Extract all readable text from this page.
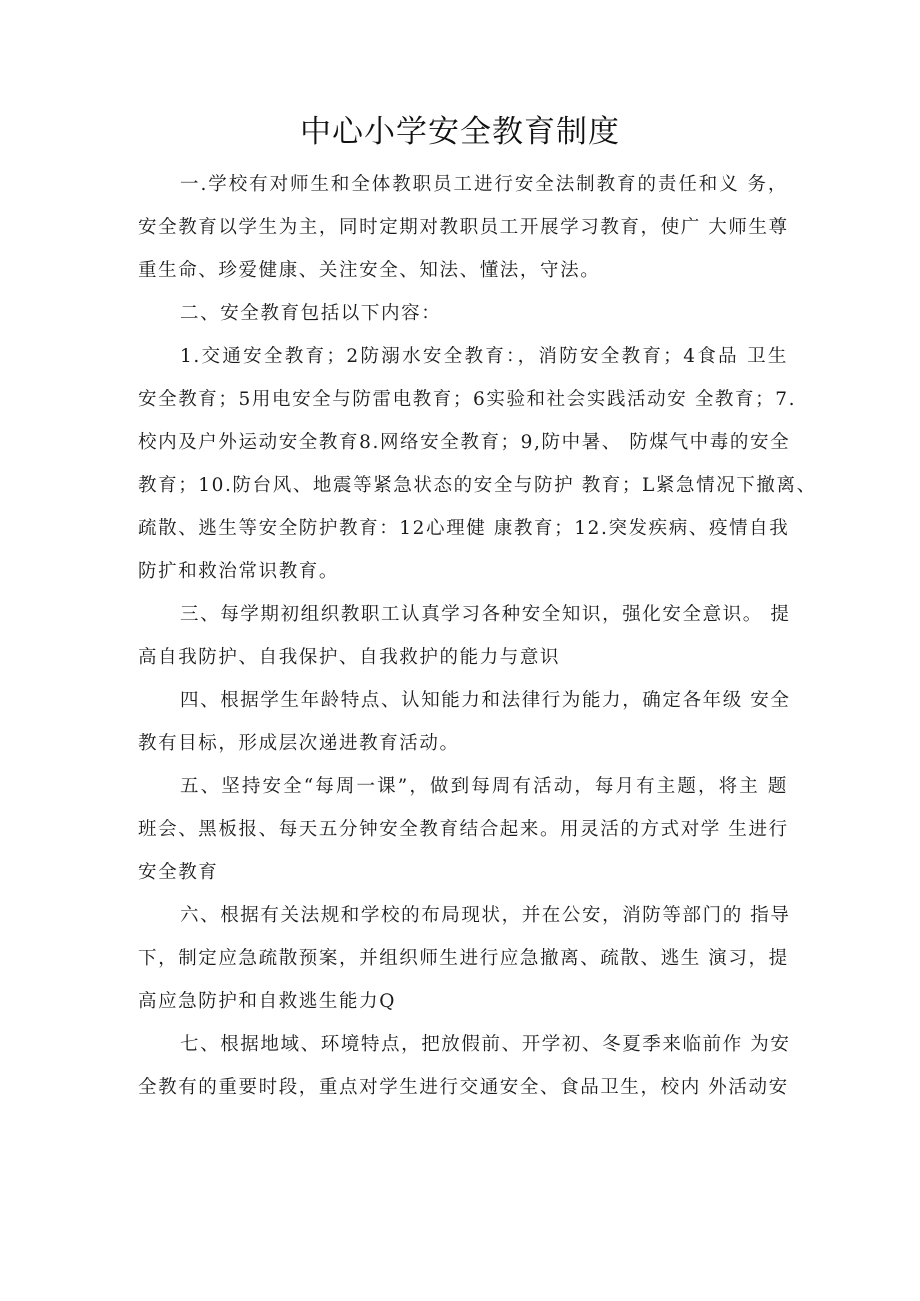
中心小学安全教育制度
一.学校有对师生和全体教职员工进行安全法制教育的责任和义 务，
安全教育以学生为主，同时定期对教职员工开展学习教育，使广 大师生尊
重生命、珍爱健康、关注安全、知法、懂法，守法。
二、安全教育包括以下内容：
1.交通安全教育；2防溺水安全教育：，消防安全教育；4食品 卫生
安全教育；5用电安全与防雷电教育；6实验和社会实践活动安 全教育；7.
校内及户外运动安全教育8.网络安全教育；9,防中暑、 防煤气中毒的安全
教育；10.防台风、地震等紧急状态的安全与防护 教育；L紧急情况下撤离、
疏散、逃生等安全防护教育：12心理健 康教育；12.突发疾病、疫情自我
防扩和救治常识教育。
三、每学期初组织教职工认真学习各种安全知识，强化安全意识。 提
高自我防护、自我保护、自我救护的能力与意识
四、根据学生年龄特点、认知能力和法律行为能力，确定各年级 安全
教有目标，形成层次递进教育活动。
五、坚持安全“每周一课”，做到每周有活动，每月有主题，将主 题
班会、黑板报、每天五分钟安全教育结合起来。用灵活的方式对学 生进行
安全教育
六、根据有关法规和学校的布局现状，并在公安，消防等部门的 指导
下，制定应急疏散预案，并组织师生进行应急撤离、疏散、逃生 演习，提
高应急防护和自救逃生能力Q
七、根据地域、环境特点，把放假前、开学初、冬夏季来临前作 为安
全教有的重要时段，重点对学生进行交通安全、食品卫生，校内 外活动安
